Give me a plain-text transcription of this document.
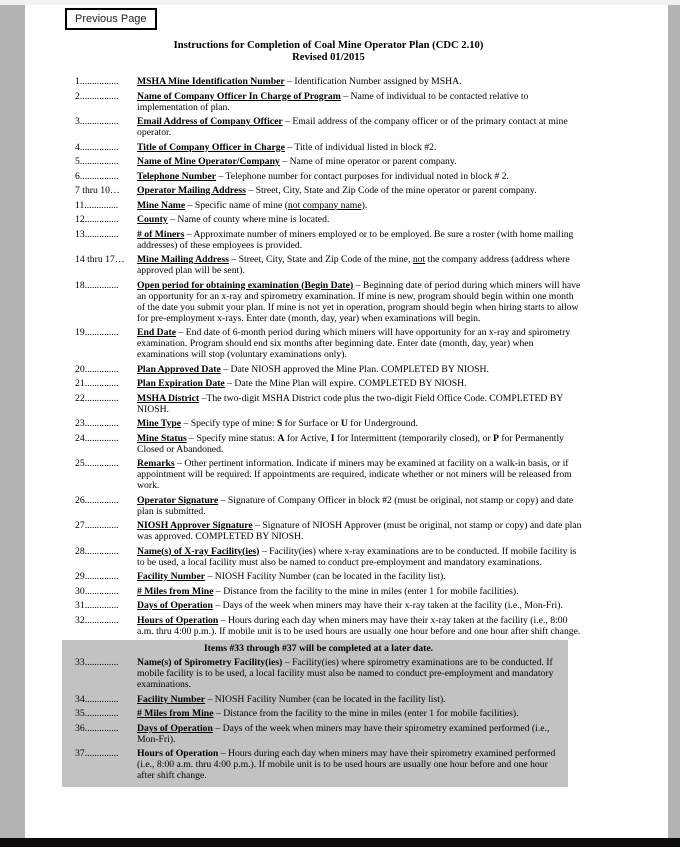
Previous Page
Instructions for Completion of Coal Mine Operator Plan (CDC 2.10)
Revised 01/2015
1................	MSHA Mine Identification Number – Identification Number assigned by MSHA.
2................	Name of Company Officer In Charge of Program – Name of individual to be contacted relative to implementation of plan.
3................	Email Address of Company Officer – Email address of the company officer or of the primary contact at mine operator.
4................	Title of Company Officer in Charge – Title of individual listed in block #2.
5................	Name of Mine Operator/Company – Name of mine operator or parent company.
6................	Telephone Number – Telephone number for contact purposes for individual noted in block # 2.
7 thru 10…	Operator Mailing Address – Street, City, State and Zip Code of the mine operator or parent company.
11..............	Mine Name – Specific name of mine (not company name).
12..............	County – Name of county where mine is located.
13..............	# of Miners – Approximate number of miners employed or to be employed. Be sure a roster (with home mailing addresses) of these employees is provided.
14 thru 17…	Mine Mailing Address – Street, City, State and Zip Code of the mine, not the company address (address where approved plan will be sent).
18..............	Open period for obtaining examination (Begin Date) – Beginning date of period during which miners will have an opportunity for an x-ray and spirometry examination. If mine is new, program should begin within one month of the date you submit your plan. If mine is not yet in operation, program should begin when hiring starts to allow for pre-employment x-rays. Enter date (month, day, year) when examinations will begin.
19..............	End Date – End date of 6-month period during which miners will have opportunity for an x-ray and spirometry examination. Program should end six months after beginning date. Enter date (month, day, year) when examinations will stop (voluntary examinations only).
20..............	Plan Approved Date – Date NIOSH approved the Mine Plan. COMPLETED BY NIOSH.
21..............	Plan Expiration Date – Date the Mine Plan will expire. COMPLETED BY NIOSH.
22..............	MSHA District –The two-digit MSHA District code plus the two-digit Field Office Code. COMPLETED BY NIOSH.
23..............	Mine Type – Specify type of mine: S for Surface or U for Underground.
24..............	Mine Status – Specify mine status: A for Active, I for Intermittent (temporarily closed), or P for Permanently Closed or Abandoned.
25..............	Remarks – Other pertinent information. Indicate if miners may be examined at facility on a walk-in basis, or if appointment will be required. If appointments are required, indicate whether or not miners will be released from work.
26..............	Operator Signature – Signature of Company Officer in block #2 (must be original, not stamp or copy) and date plan is submitted.
27..............	NIOSH Approver Signature – Signature of NIOSH Approver (must be original, not stamp or copy) and date plan was approved. COMPLETED BY NIOSH.
28..............	Name(s) of X-ray Facility(ies) – Facility(ies) where x-ray examinations are to be conducted. If mobile facility is to be used, a local facility must also be named to conduct pre-employment and mandatory examinations.
29..............	Facility Number – NIOSH Facility Number (can be located in the facility list).
30..............	# Miles from Mine – Distance from the facility to the mine in miles (enter 1 for mobile facilities).
31..............	Days of Operation – Days of the week when miners may have their x-ray taken at the facility (i.e., Mon-Fri).
32..............	Hours of Operation – Hours during each day when miners may have their x-ray taken at the facility (i.e., 8:00 a.m. thru 4:00 p.m.). If mobile unit is to be used hours are usually one hour before and one hour after shift change.
Items #33 through #37 will be completed at a later date.
33..............	Name(s) of Spirometry Facility(ies) – Facility(ies) where spirometry examinations are to be conducted. If mobile facility is to be used, a local facility must also be named to conduct pre-employment and mandatory examinations.
34..............	Facility Number – NIOSH Facility Number (can be located in the facility list).
35..............	# Miles from Mine – Distance from the facility to the mine in miles (enter 1 for mobile facilities).
36..............	Days of Operation – Days of the week when miners may have their spirometry examined performed (i.e., Mon-Fri).
37..............	Hours of Operation – Hours during each day when miners may have their spirometry examined performed (i.e., 8:00 a.m. thru 4:00 p.m.). If mobile unit is to be used hours are usually one hour before and one hour after shift change.
